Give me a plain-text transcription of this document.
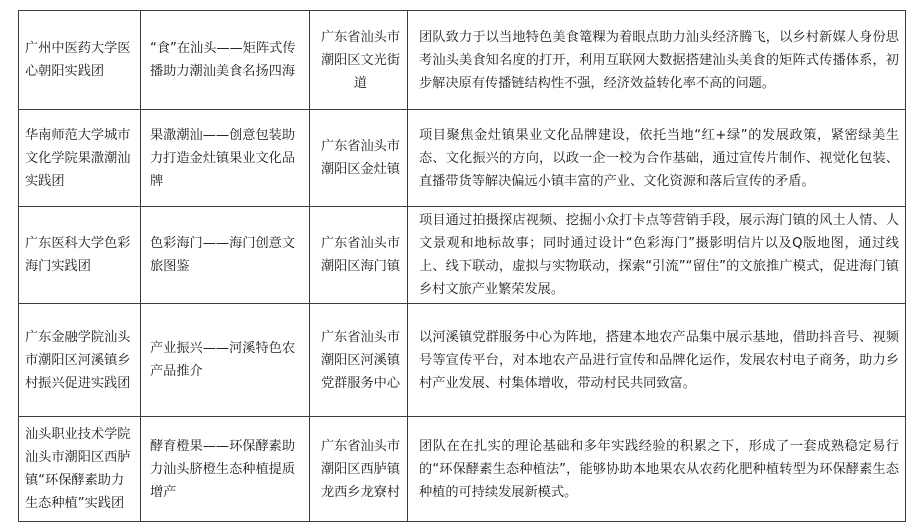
广州中医药大学医心朝阳实践团	“食”在汕头——矩阵式传播助力潮汕美食名扬四海	广东省汕头市潮阳区文光街道	团队致力于以当地特色美食篭粿为着眼点助力汕头经济腾飞，以乡村新媒人身份思考汕头美食知名度的打开，利用互联网大数据搭建汕头美食的矩阵式传播体系，初步解决原有传播链结构性不强，经济效益转化率不高的问题。

华南师范大学城市文化学院果潵潮汕实践团	果潵潮汕——创意包装助力打造金灶镇果业文化品牌	广东省汕头市潮阳区金灶镇	项目聚焦金灶镇果业文化品牌建设，依托当地“红+绿”的发展政策，紧密绿美生态、文化振兴的方向，以政一企一校为合作基础，通过宣传片制作、视觉化包装、直播带货等解决偏远小镇丰富的产业、文化资源和落后宣传的矛盾。

广东医科大学色彩海门实践团	色彩海门——海门创意文旅图鉴	广东省汕头市潮阳区海门镇	项目通过拍摄探店视频、挖掘小众打卡点等营销手段，展示海门镇的风土人情、人文景观和地标故事；同时通过设计“色彩海门”摄影明信片以及Q版地图，通过线上、线下联动，虚拟与实物联动，探索“引流”“留住”的文旅推广模式，促进海门镇乡村文旅产业繁荣发展。

广东金融学院汕头市潮阳区河溪镇乡村振兴促进实践团	产业振兴——河溪特色农产品推介	广东省汕头市潮阳区河溪镇党群服务中心	以河溪镇党群服务中心为阵地，搭建本地农产品集中展示基地，借助抖音号、视频号等宣传平台，对本地农产品进行宣传和品牌化运作，发展农村电子商务，助力乡村产业发展、村集体增收，带动村民共同致富。

汕头职业技术学院汕头市潮阳区西胪镇“环保酵素助力生态种植”实践团	酵育橙果——环保酵素助力汕头脐橙生态种植提质增产	广东省汕头市潮阳区西胪镇龙西乡龙寮村	团队在在扎实的理论基础和多年实践经验的积累之下，形成了一套成熟稳定易行的“环保酵素生态种植法”，能够协助本地果农从农药化肥种植转型为环保酵素生态种植的可持续发展新模式。
